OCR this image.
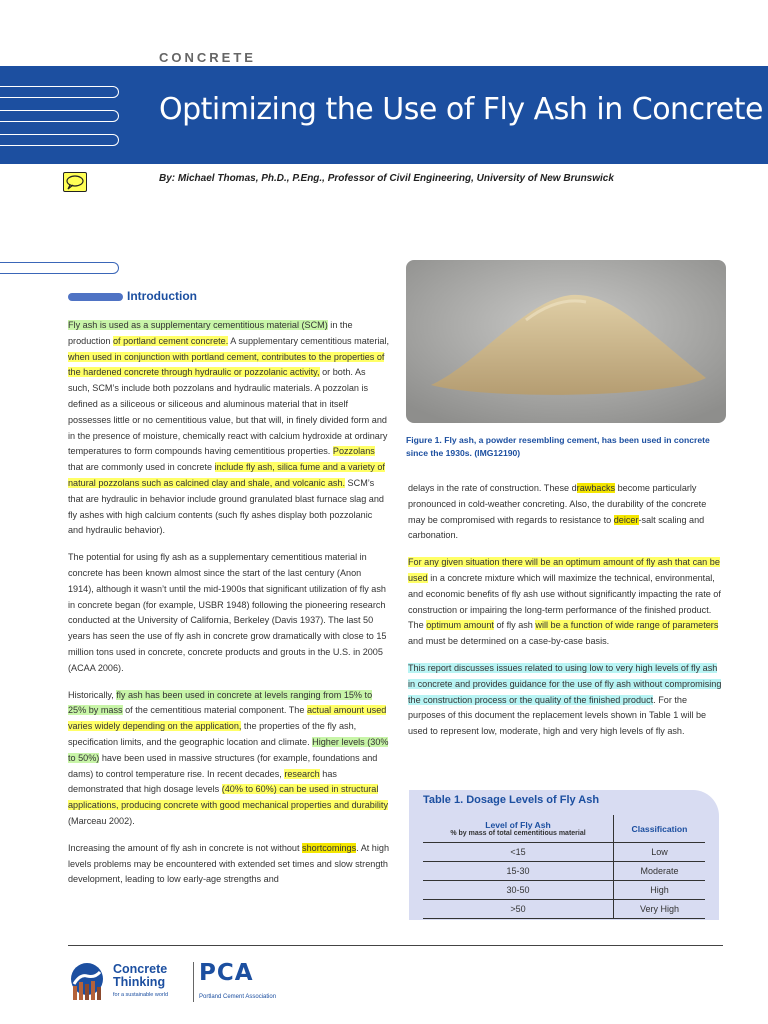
CONCRETE
Optimizing the Use of Fly Ash in Concrete
By: Michael Thomas, Ph.D., P.Eng., Professor of Civil Engineering, University of New Brunswick
Figure 1. Fly ash, a powder resembling cement, has been used in concrete since the 1930s. (IMG12190)
Introduction

Fly ash is used as a supplementary cementitious material (SCM) in the production of portland cement concrete. A supplementary cementitious material, when used in conjunction with portland cement, contributes to the properties of the hardened concrete through hydraulic or pozzolanic activity, or both. As such, SCM’s include both pozzolans and hydraulic materials. A pozzolan is defined as a siliceous or siliceous and aluminous material that in itself possesses little or no cementitious value, but that will, in finely divided form and in the presence of moisture, chemically react with calcium hydroxide at ordinary temperatures to form compounds having cementitious properties. Pozzolans that are commonly used in concrete include fly ash, silica fume and a variety of natural pozzolans such as calcined clay and shale, and volcanic ash. SCM’s that are hydraulic in behavior include ground granulated blast furnace slag and fly ashes with high calcium contents (such fly ashes display both pozzolanic and hydraulic behavior).

The potential for using fly ash as a supplementary cementitious material in concrete has been known almost since the start of the last century (Anon 1914), although it wasn’t until the mid-1900s that significant utilization of fly ash in concrete began (for example, USBR 1948) following the pioneering research conducted at the University of California, Berkeley (Davis 1937). The last 50 years has seen the use of fly ash in concrete grow dramatically with close to 15 million tons used in concrete, concrete products and grouts in the U.S. in 2005 (ACAA 2006).

Historically, fly ash has been used in concrete at levels ranging from 15% to 25% by mass of the cementitious material component. The actual amount used varies widely depending on the application, the properties of the fly ash, specification limits, and the geographic location and climate. Higher levels (30% to 50%) have been used in massive structures (for example, foundations and dams) to control temperature rise. In recent decades, research has demonstrated that high dosage levels (40% to 60%) can be used in structural applications, producing concrete with good mechanical properties and durability (Marceau 2002).

Increasing the amount of fly ash in concrete is not without shortcomings. At high levels problems may be encountered with extended set times and slow strength development, leading to low early-age strengths and

delays in the rate of construction. These drawbacks become particularly pronounced in cold-weather concreting. Also, the durability of the concrete may be compromised with regards to resistance to deicer-salt scaling and carbonation.

For any given situation there will be an optimum amount of fly ash that can be used in a concrete mixture which will maximize the technical, environmental, and economic benefits of fly ash use without significantly impacting the rate of construction or impairing the long-term performance of the finished product. The optimum amount of fly ash will be a function of wide range of parameters and must be determined on a case-by-case basis.

This report discusses issues related to using low to very high levels of fly ash in concrete and provides guidance for the use of fly ash without compromising the construction process or the quality of the finished product. For the purposes of this document the replacement levels shown in Table 1 will be used to represent low, moderate, high and very high levels of fly ash.

Table 1. Dosage Levels of Fly Ash
Level of Fly Ash
% by mass of total cementitious material	Classification
<15	Low
15-30	Moderate
30-50	High
>50	Very High
Concrete
Thinking
for a sustainable world
PCA
Portland Cement Association
